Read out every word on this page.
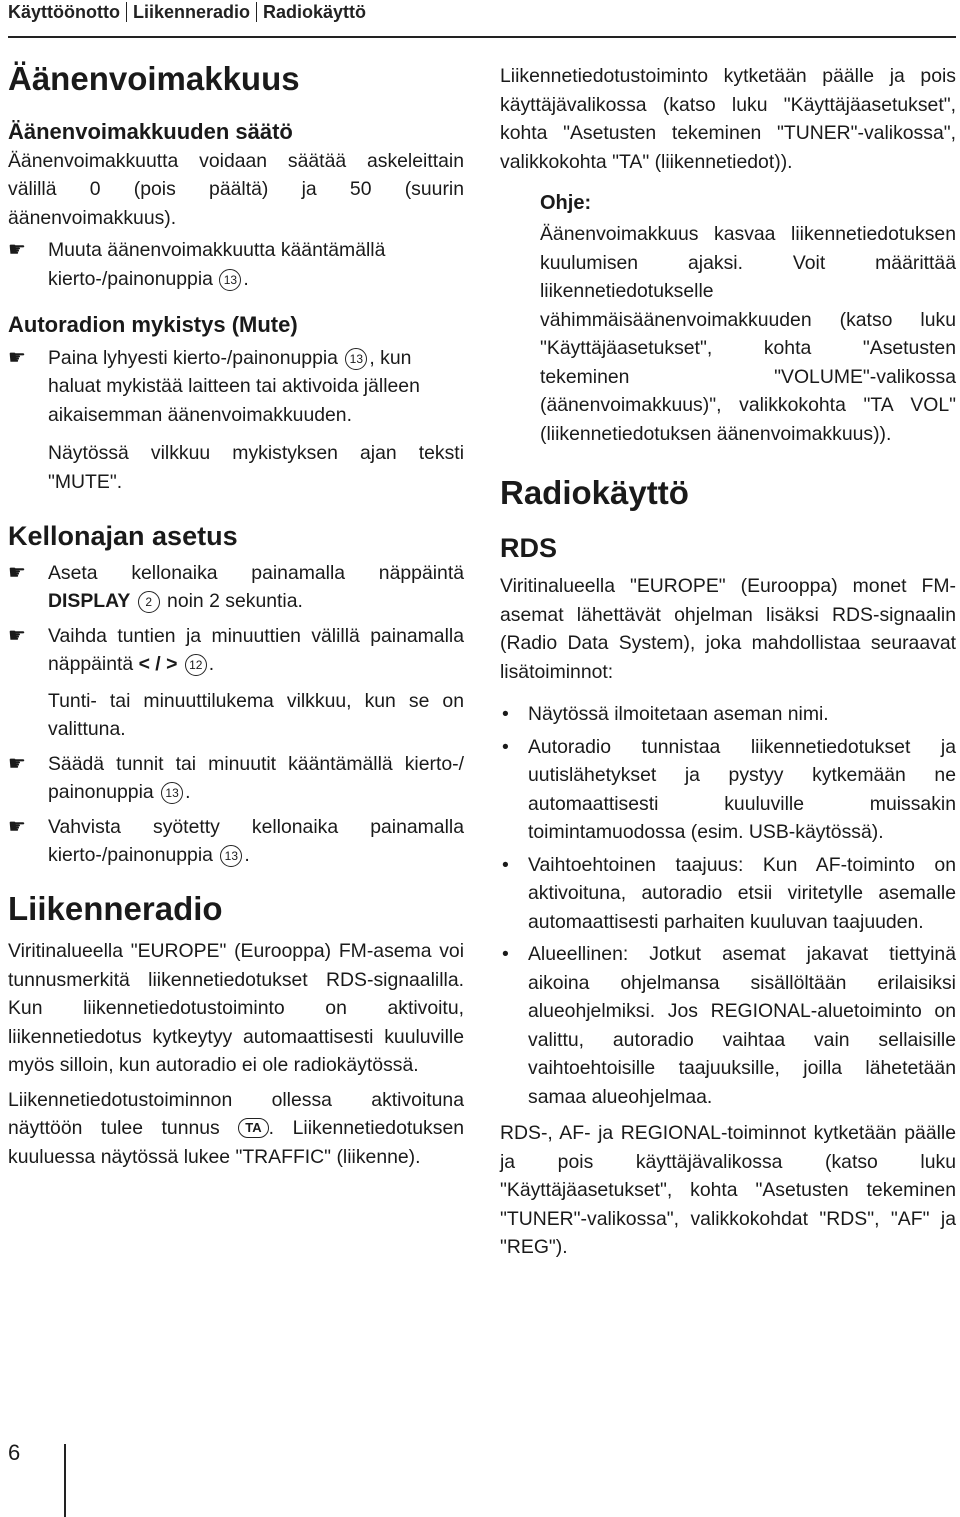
Käyttöönotto Liikenneradio Radiokäyttö
Äänenvoimakkuus
Äänenvoimakkuuden säätö

Äänenvoimakkuutta voidaan säätää askeleittain välillä 0 (pois päältä) ja 50 (suurin äänenvoimakkuus).

☛ Muuta äänenvoimakkuutta kääntämällä kierto-/painonuppia 13 .
Autoradion mykistys (Mute)
☛ Paina lyhyesti kierto-/painonuppia 13 , kun haluat mykistää laitteen tai aktivoida jälleen aikaisemman äänenvoimakkuuden.

Näytössä vilkkuu mykistyksen ajan teksti "MUTE".

Kellonajan asetus
☛ Aseta kellonaika painamalla näppäintä DISPLAY 2 noin 2 sekuntia.

☛ Vaihda tuntien ja minuuttien välillä painamalla näppäintä < / > 12 .

Tunti- tai minuuttilukema vilkkuu, kun se on valittuna.

☛ Säädä tunnit tai minuutit kääntämällä kierto-/ painonuppia 13 .

☛ Vahvista syötetty kellonaika painamalla kierto-/painonuppia 13 .

Liikenneradio

Viritinalueella "EUROPE" (Eurooppa) FM-asema voi tunnusmerkitä liikennetiedotukset RDS-signaalilla. Kun liikennetiedotustoiminto on aktivoitu, liikennetiedotus kytkeytyy automaattisesti kuuluville myös silloin, kun autoradio ei ole radiokäytössä.

Liikennetiedotustoiminnon ollessa aktivoituna näyttöön tulee tunnus TA . Liikennetiedotuksen kuuluessa näytössä lukee "TRAFFIC" (liikenne).

Liikennetiedotustoiminto kytketään päälle ja pois käyttäjävalikossa (katso luku "Käyttäjäasetukset", kohta "Asetusten tekeminen "TUNER"-valikossa", valikkokohta "TA" (liikennetiedot)).

Ohje:

Äänenvoimakkuus kasvaa liikennetiedotuksen kuulumisen ajaksi. Voit määrittää liikennetiedotukselle vähimmäisäänenvoimakkuuden (katso luku "Käyttäjäasetukset", kohta "Asetusten tekeminen "VOLUME"-valikossa (äänenvoimakkuus)", valikkokohta "TA VOL" (liikennetiedotuksen äänenvoimakkuus)).

Radiokäyttö
RDS

Viritinalueella "EUROPE" (Eurooppa) monet FM-asemat lähettävät ohjelman lisäksi RDS-signaalin (Radio Data System), joka mahdollistaa seuraavat lisätoiminnot:

• Näytössä ilmoitetaan aseman nimi.
• Autoradio tunnistaa liikennetiedotukset ja uutislähetykset ja pystyy kytkemään ne automaattisesti kuuluville muissakin toimintamuodossa (esim. USB-käytössä).
• Vaihtoehtoinen taajuus: Kun AF-toiminto on aktivoituna, autoradio etsii viritetylle asemalle automaattisesti parhaiten kuuluvan taajuuden.
• Alueellinen: Jotkut asemat jakavat tiettyinä aikoina ohjelmansa sisällöltään erilaisiksi alueohjelmiksi. Jos REGIONAL-aluetoiminto on valittu, autoradio vaihtaa vain sellaisille vaihtoehtoisille taajuuksille, joilla lähetetään samaa alueohjelmaa.

RDS-, AF- ja REGIONAL-toiminnot kytketään päälle ja pois käyttäjävalikossa (katso luku "Käyttäjäasetukset", kohta "Asetusten tekeminen "TUNER"-valikossa", valikkokohdat "RDS", "AF" ja "REG").

6
